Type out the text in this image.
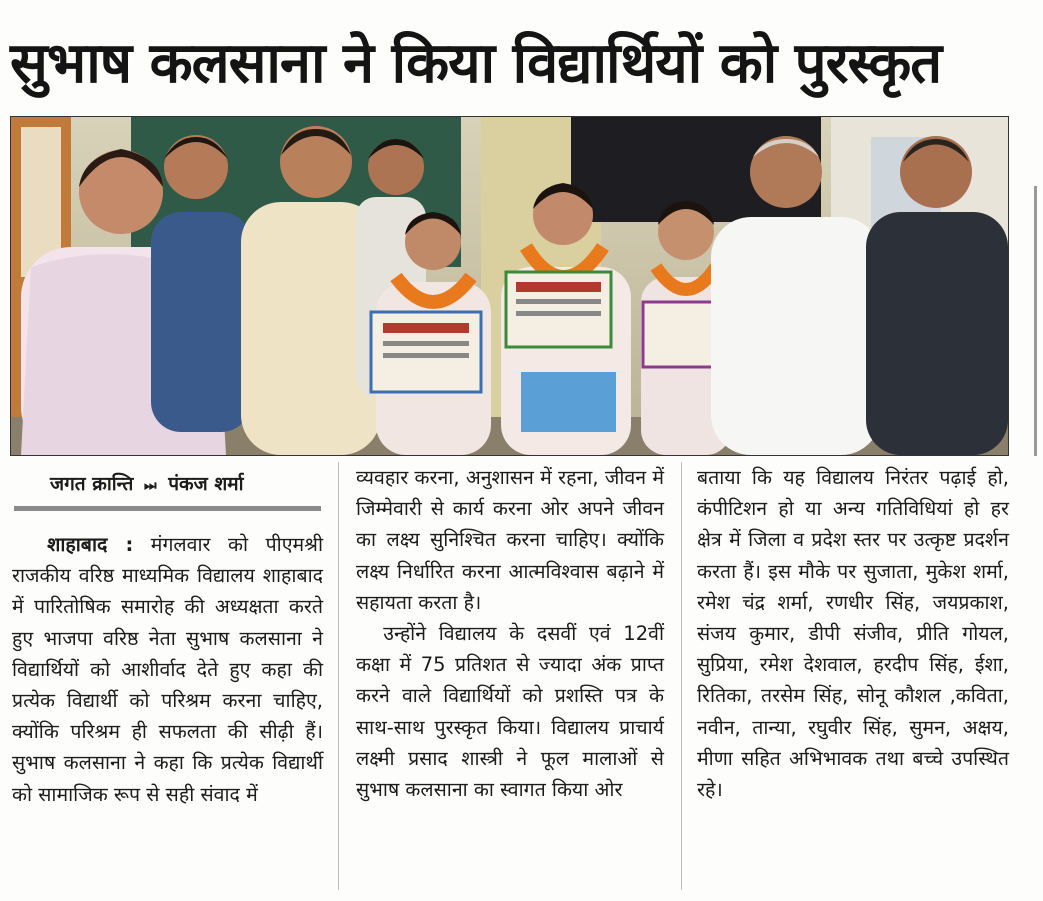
सुभाष कलसाना ने किया विद्यार्थियों को पुरस्कृत
जगत क्रान्ति ⏭ पंकज शर्मा

शाहाबाद : मंगलवार को पीएमश्री राजकीय वरिष्ठ माध्यमिक विद्यालय शाहाबाद में पारितोषिक समारोह की अध्यक्षता करते हुए भाजपा वरिष्ठ नेता सुभाष कलसाना ने विद्यार्थियों को आशीर्वाद देते हुए कहा की प्रत्येक विद्यार्थी को परिश्रम करना चाहिए, क्योंकि परिश्रम ही सफलता की सीढ़ी हैं। सुभाष कलसाना ने कहा कि प्रत्येक विद्यार्थी को सामाजिक रूप से सही संवाद में

व्यवहार करना, अनुशासन में रहना, जीवन में जिम्मेवारी से कार्य करना ओर अपने जीवन का लक्ष्य सुनिश्चित करना चाहिए। क्योंकि लक्ष्य निर्धारित करना आत्मविश्वास बढ़ाने में सहायता करता है।

उन्होंने विद्यालय के दसवीं एवं 12वीं कक्षा में 75 प्रतिशत से ज्यादा अंक प्राप्त करने वाले विद्यार्थियों को प्रशस्ति पत्र के साथ-साथ पुरस्कृत किया। विद्यालय प्राचार्य लक्ष्मी प्रसाद शास्त्री ने फूल मालाओं से सुभाष कलसाना का स्वागत किया ओर

बताया कि यह विद्यालय निरंतर पढ़ाई हो, कंपीटिशन हो या अन्य गतिविधियां हो हर क्षेत्र में जिला व प्रदेश स्तर पर उत्कृष्ट प्रदर्शन करता हैं। इस मौके पर सुजाता, मुकेश शर्मा, रमेश चंद्र शर्मा, रणधीर सिंह, जयप्रकाश, संजय कुमार, डीपी संजीव, प्रीति गोयल, सुप्रिया, रमेश देशवाल, हरदीप सिंह, ईशा, रितिका, तरसेम सिंह, सोनू कौशल ,कविता, नवीन, तान्या, रघुवीर सिंह, सुमन, अक्षय, मीणा सहित अभिभावक तथा बच्चे उपस्थित रहे।
